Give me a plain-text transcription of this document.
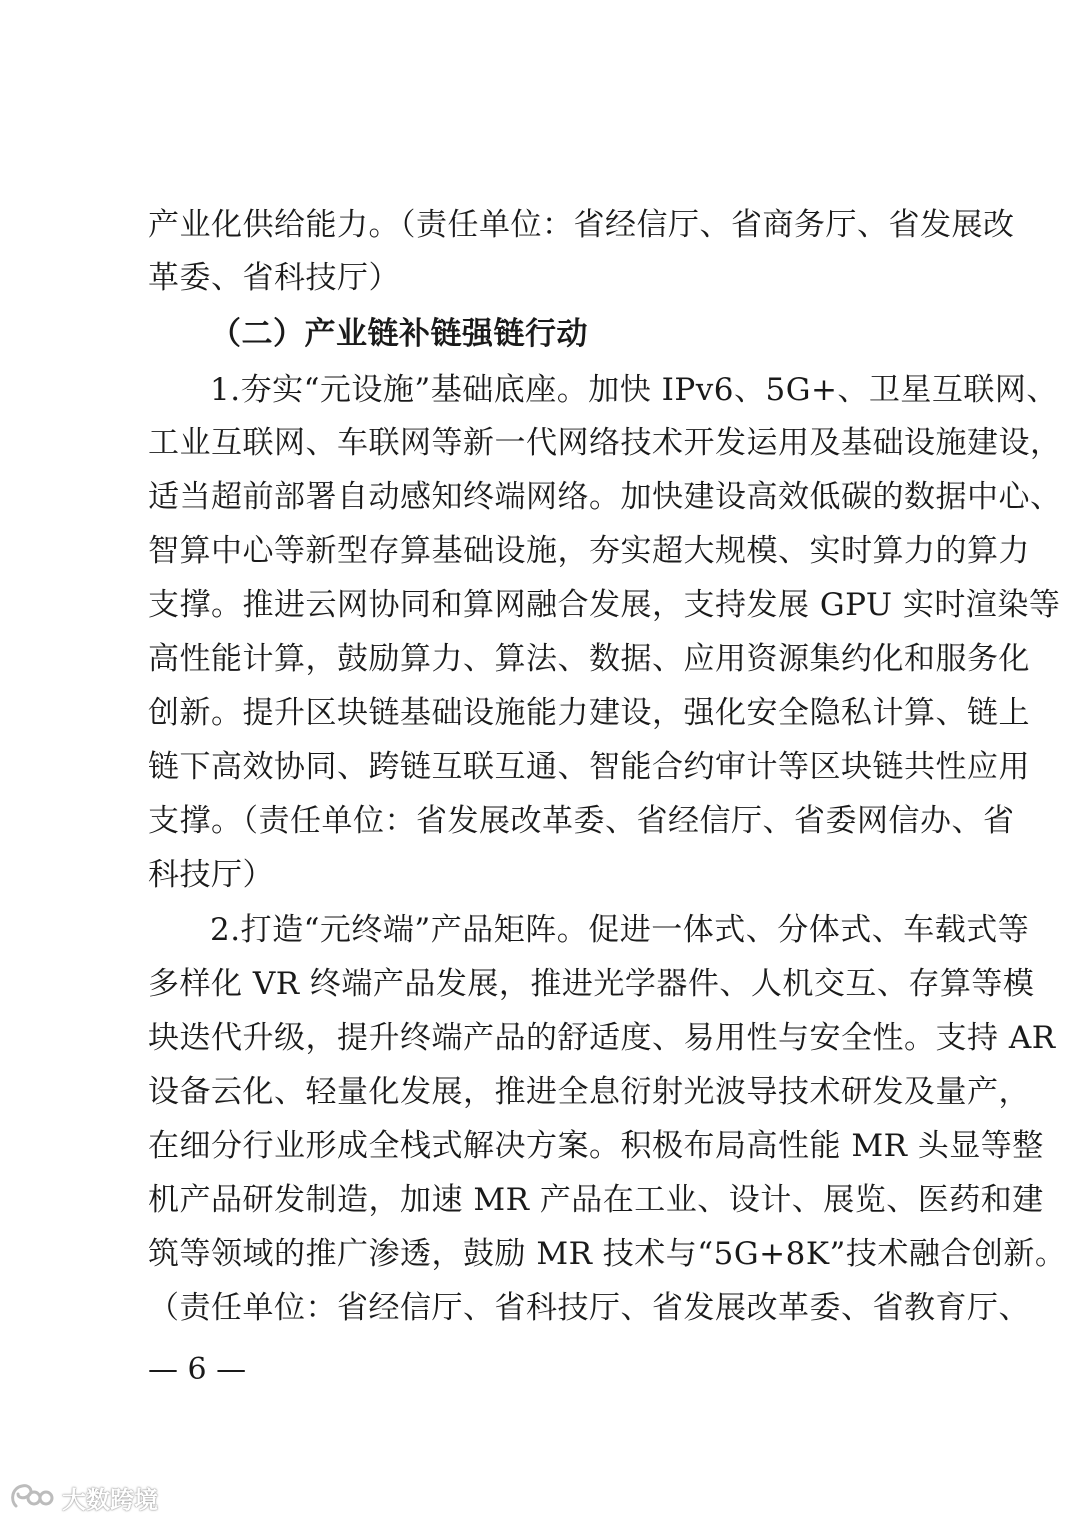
产业化供给能力。（责任单位：省经信厅、省商务厅、省发展改
革委、省科技厅）
（二）产业链补链强链行动
1.夯实“元设施”基础底座。加快 IPv6、5G+、卫星互联网、
工业互联网、车联网等新一代网络技术开发运用及基础设施建设，
适当超前部署自动感知终端网络。加快建设高效低碳的数据中心、
智算中心等新型存算基础设施，夯实超大规模、实时算力的算力
支撑。推进云网协同和算网融合发展，支持发展 GPU 实时渲染等
高性能计算，鼓励算力、算法、数据、应用资源集约化和服务化
创新。提升区块链基础设施能力建设，强化安全隐私计算、链上
链下高效协同、跨链互联互通、智能合约审计等区块链共性应用
支撑。（责任单位：省发展改革委、省经信厅、省委网信办、省
科技厅）
2.打造“元终端”产品矩阵。促进一体式、分体式、车载式等
多样化 VR 终端产品发展，推进光学器件、人机交互、存算等模
块迭代升级，提升终端产品的舒适度、易用性与安全性。支持 AR
设备云化、轻量化发展，推进全息衍射光波导技术研发及量产，
在细分行业形成全栈式解决方案。积极布局高性能 MR 头显等整
机产品研发制造，加速 MR 产品在工业、设计、展览、医药和建
筑等领域的推广渗透，鼓励 MR 技术与“5G+8K”技术融合创新。
（责任单位：省经信厅、省科技厅、省发展改革委、省教育厅、
— 6 —
大数跨境
